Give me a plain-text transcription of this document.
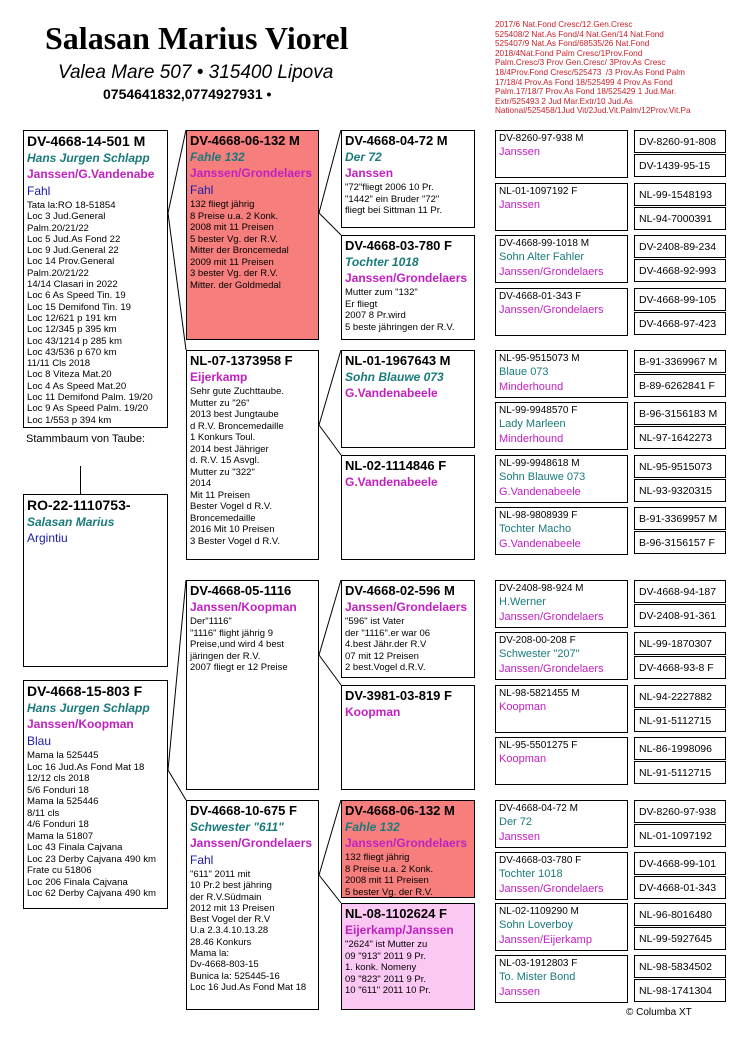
Salasan Marius Viorel
Valea Mare 507 • 315400 Lipova
0754641832,0774927931 •
2017/6 Nat.Fond Cresc/12.Gen.Cresc
525408/2 Nat.As Fond/4 Nat.Gen/14 Nat.Fond
525407/9 Nat.As Fond/68535/26 Nat.Fond
2018/4Nat.Fond Palm Cresc/1Prov.Fond
Palm.Cresc/3 Prov Gen.Cresc/ 3Prov.As Cresc
18/4Prov.Fond Cresc/525473  /3 Prov.As Fond Palm
17/18/4 Prov.As Fond 18/525499 4 Prov.As Fond
Palm.17/18/7 Prov.As Fond 18/525429 1 Jud.Mar.
Extr/525493 2 Jud Mar.Extr/10 Jud.As
National/525458/1Jud Vit/2Jud.Vit.Palm/12Prov.Vit.Pa
DV-4668-14-501 M
Hans Jurgen Schlapp
Janssen/G.Vandenabe
Fahl
Tata la:RO 18-51854
Loc 3 Jud.General
Palm.20/21/22
Loc 5 Jud.As Fond 22
Loc 9 Jud.General 22
Loc 14 Prov.General
Palm.20/21/22
14/14 Clasari in 2022
Loc 6 As Speed Tin. 19
Loc 15 Demifond Tin. 19
Loc 12/621 p 191 km
Loc 12/345 p 395 km
Loc 43/1214 p 285 km
Loc 43/536 p 670 km
11/11 Cls 2018
Loc 8 Viteza Mat.20
Loc 4 As Speed Mat.20
Loc 11 Demifond Palm. 19/20
Loc 9 As Speed Palm. 19/20
Loc 1/553 p 394 km
Stammbaum von Taube:
RO-22-1110753-
Salasan Marius
Argintiu
DV-4668-15-803 F
Hans Jurgen Schlapp
Janssen/Koopman
Blau
Mama la 525445
Loc 16 Jud.As Fond Mat 18
12/12 cls 2018
5/6 Fonduri 18
Mama la 525446
8/11 cls
4/6 Fonduri 18
Mama la 51807
Loc 43 Finala Cajvana
Loc 23 Derby Cajvana 490 km
Frate cu 51806
Loc 206 Finala Cajvana
Loc 62 Derby Cajvana 490 km
DV-4668-06-132 M
Fahle 132
Janssen/Grondelaers
Fahl
132 fliegt jährig
8 Preise u.a. 2 Konk.
2008 mit 11 Preisen
5 bester Vg. der R.V.
Mitter der Broncemedal
2009 mit 11 Preisen
3 bester Vg. der R.V.
Mitter. der Goldmedal
NL-07-1373958 F
Eijerkamp
Sehr gute Zuchttaube.
Mutter zu "26"
2013 best Jungtaube
d R.V. Broncemedaille
1 Konkurs Toul.
2014 best Jähriger
d. R.V. 15 Asvgl.
Mutter zu "322"
2014
Mit 11 Preisen
Bester Vogel d R.V.
Broncemedaille
2016 Mit 10 Preisen
3 Bester Vogel d R.V.
DV-4668-05-1116
Janssen/Koopman
Der"1116"
"1116" flight jährig 9
Preise,und wird 4 best
järingen der R.V.
2007 fliegt er 12 Preise
DV-4668-10-675 F
Schwester "611"
Janssen/Grondelaers
Fahl
"611" 2011 mit
10 Pr.2 best jähring
der R.V.Südmain
2012 mit 13 Preisen
Best Vogel der R.V
U.a 2.3.4.10.13.28
28.46 Konkurs
Mama la:
Dv-4668-803-15
Bunica la: 525445-16
Loc 16 Jud.As Fond Mat 18
DV-4668-04-72 M
Der 72
Janssen
"72"fliegt 2006 10 Pr.
"1442" ein Bruder "72"
fliegt bei Sittman 11 Pr.
DV-4668-03-780 F
Tochter 1018
Janssen/Grondelaers
Mutter zum "132"
Er fliegt
2007 8 Pr.wird
5 beste jähringen der R.V.
NL-01-1967643 M
Sohn Blauwe 073
G.Vandenabeele
NL-02-1114846 F
G.Vandenabeele
DV-4668-02-596 M
Janssen/Grondelaers
"596" ist Vater
der "1116".er war 06
4.best Jähr.der R.V
07 mit 12 Preisen
2 best.Vogel d.R.V.
DV-3981-03-819 F
Koopman
DV-4668-06-132 M
Fahle 132
Janssen/Grondelaers
132 fliegt jährig
8 Preise u.a. 2 Konk.
2008 mit 11 Preisen
5 bester Vg. der R.V.
NL-08-1102624 F
Eijerkamp/Janssen
"2624" ist Mutter zu
09 "913" 2011 9 Pr.
1. konk. Nomeny
09 "823" 2011 9 Pr.
10 "611" 2011 10 Pr.
DV-8260-97-938 M
Janssen
NL-01-1097192 F
Janssen
DV-4668-99-1018 M
Sohn Alter Fahler
Janssen/Grondelaers
DV-4668-01-343 F
Janssen/Grondelaers
NL-95-9515073 M
Blaue 073
Minderhound
NL-99-9948570 F
Lady Marleen
Minderhound
NL-99-9948618 M
Sohn Blauwe 073
G.Vandenabeele
NL-98-9808939 F
Tochter Macho
G.Vandenabeele
DV-2408-98-924 M
H.Werner
Janssen/Grondelaers
DV-208-00-208 F
Schwester "207"
Janssen/Grondelaers
NL-98-5821455 M
Koopman
NL-95-5501275 F
Koopman
DV-4668-04-72 M
Der 72
Janssen
DV-4668-03-780 F
Tochter 1018
Janssen/Grondelaers
NL-02-1109290 M
Sohn Loverboy
Janssen/Eijerkamp
NL-03-1912803 F
To. Mister Bond
Janssen
DV-8260-91-808
DV-1439-95-15
NL-99-1548193
NL-94-7000391
DV-2408-89-234
DV-4668-92-993
DV-4668-99-105
DV-4668-97-423
B-91-3369967 M
B-89-6262841 F
B-96-3156183 M
NL-97-1642273
NL-95-9515073
NL-93-9320315
B-91-3369957 M
B-96-3156157 F
DV-4668-94-187
DV-2408-91-361
NL-99-1870307
DV-4668-93-8 F
NL-94-2227882
NL-91-5112715
NL-86-1998096
NL-91-5112715
DV-8260-97-938
NL-01-1097192
DV-4668-99-101
DV-4668-01-343
NL-96-8016480
NL-99-5927645
NL-98-5834502
NL-98-1741304
© Columba XT
